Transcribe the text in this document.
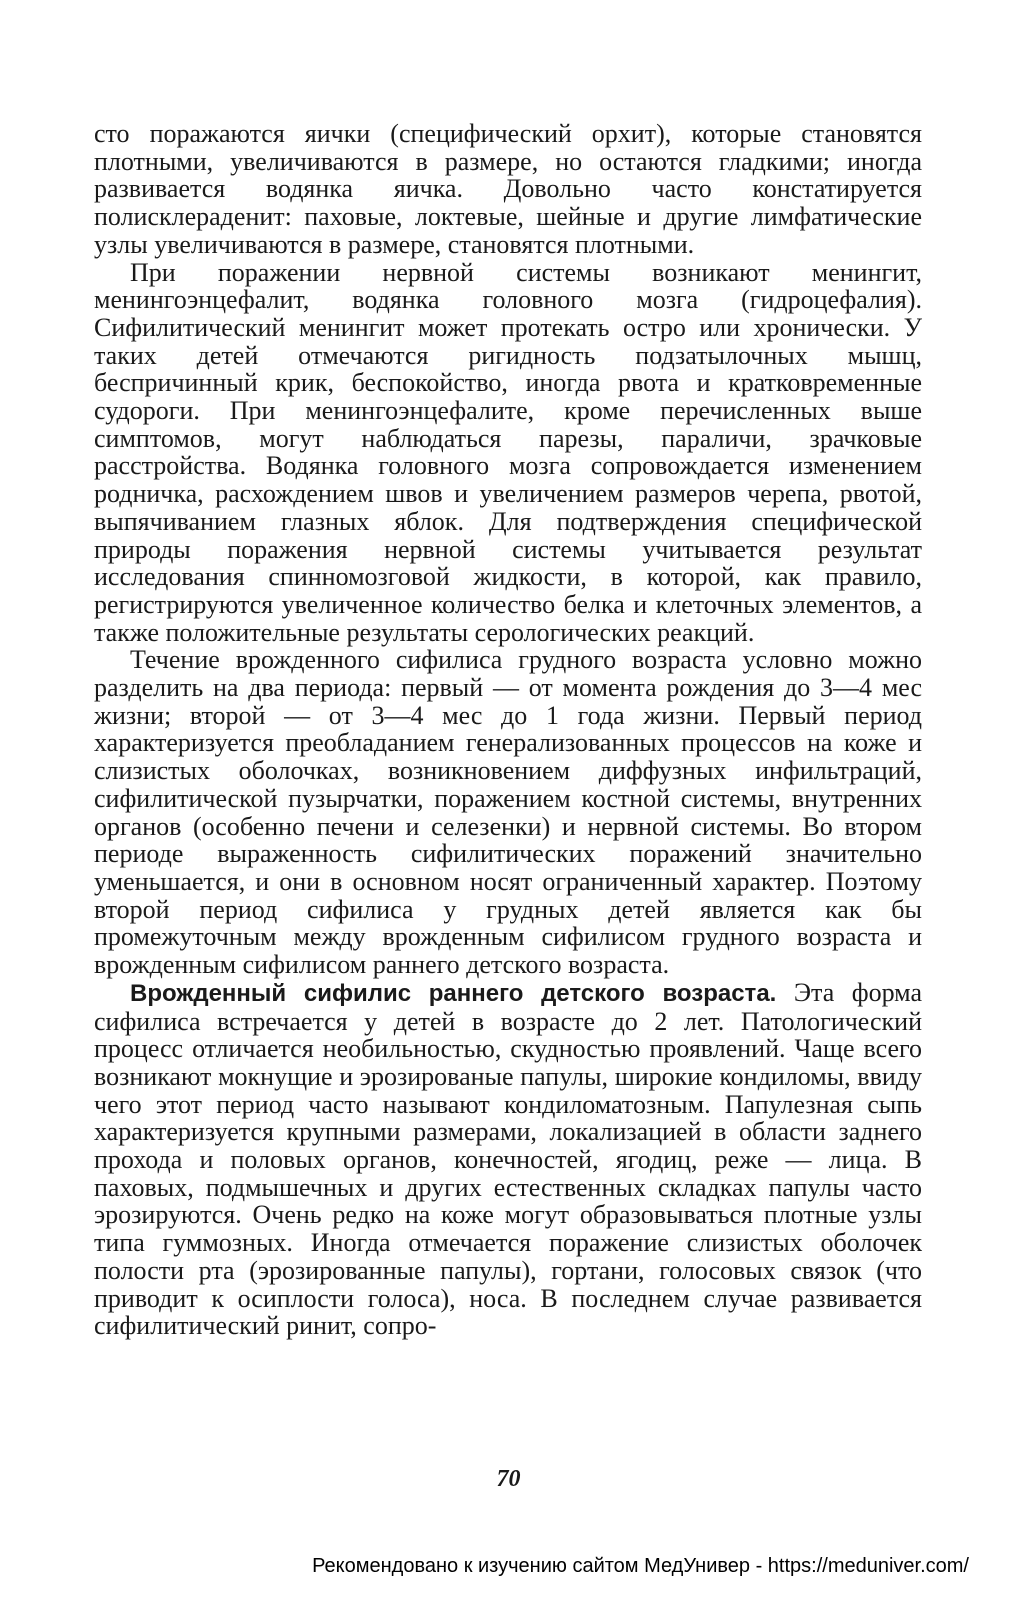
сто поражаются яички (специфический орхит), которые становятся плотными, увеличиваются в размере, но остаются гладкими; иногда развивается водянка яичка. Довольно часто констатируется полисклераденит: паховые, локтевые, шейные и другие лимфатические узлы увеличиваются в размере, становятся плотными.

При поражении нервной системы возникают менингит, менингоэнцефалит, водянка головного мозга (гидроцефалия). Сифилитический менингит может протекать остро или хронически. У таких детей отмечаются ригидность подзатылочных мышц, беспричинный крик, беспокойство, иногда рвота и кратковременные судороги. При менингоэнцефалите, кроме перечисленных выше симптомов, могут наблюдаться парезы, параличи, зрачковые расстройства. Водянка головного мозга сопровождается изменением родничка, расхождением швов и увеличением размеров черепа, рвотой, выпячиванием глазных яблок. Для подтверждения специфической природы поражения нервной системы учитывается результат исследования спинномозговой жидкости, в которой, как правило, регистрируются увеличенное количество белка и клеточных элементов, а также положительные результаты серологических реакций.

Течение врожденного сифилиса грудного возраста условно можно разделить на два периода: первый — от момента рождения до 3—4 мес жизни; второй — от 3—4 мес до 1 года жизни. Первый период характеризуется преобладанием генерализованных процессов на коже и слизистых оболочках, возникновением диффузных инфильтраций, сифилитической пузырчатки, поражением костной системы, внутренних органов (особенно печени и селезенки) и нервной системы. Во втором периоде выраженность сифилитических поражений значительно уменьшается, и они в основном носят ограниченный характер. Поэтому второй период сифилиса у грудных детей является как бы промежуточным между врожденным сифилисом грудного возраста и врожденным сифилисом раннего детского возраста.

Врожденный сифилис раннего детского возраста. Эта форма сифилиса встречается у детей в возрасте до 2 лет. Патологический процесс отличается необильностью, скудностью проявлений. Чаще всего возникают мокнущие и эрозированые папулы, широкие кондиломы, ввиду чего этот период часто называют кондиломатозным. Папулезная сыпь характеризуется крупными размерами, локализацией в области заднего прохода и половых органов, конечностей, ягодиц, реже — лица. В паховых, подмышечных и других естественных складках папулы часто эрозируются. Очень редко на коже могут образовываться плотные узлы типа гуммозных. Иногда отмечается поражение слизистых оболочек полости рта (эрозированные папулы), гортани, голосовых связок (что приводит к осиплости голоса), носа. В последнем случае развивается сифилитический ринит, сопро-

70
Рекомендовано к изучению сайтом МедУнивер - https://meduniver.com/
